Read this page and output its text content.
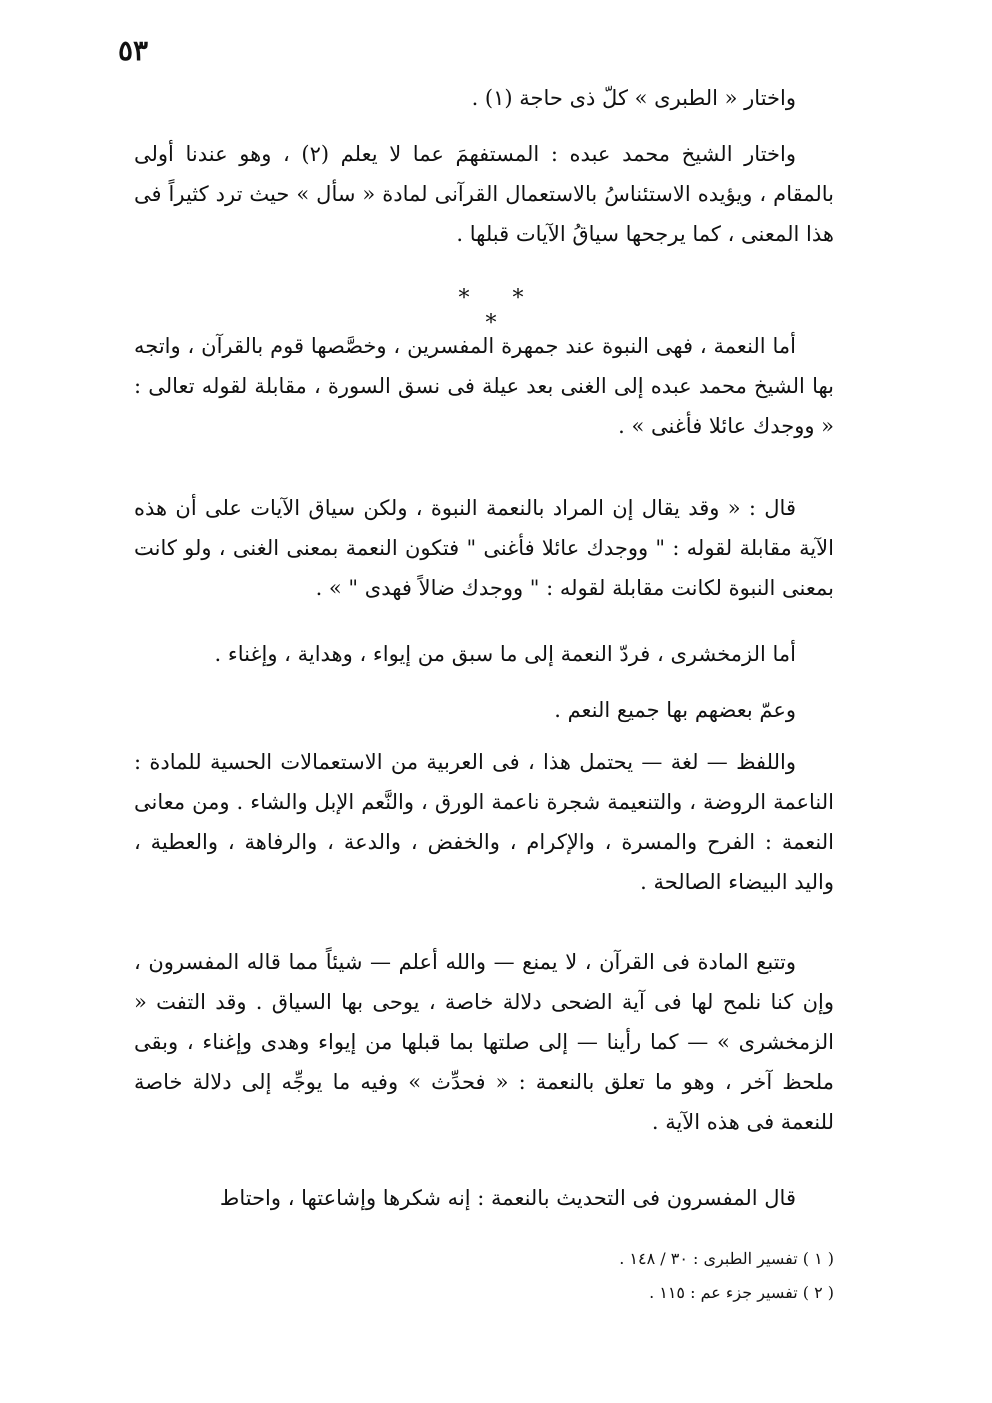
٥٣

واختار « الطبرى » كلّ ذى حاجة (١) .

واختار الشيخ محمد عبده : المستفهمَ عما لا يعلم (٢) ، وهو عندنا أولى بالمقام ، ويؤيده الاستئناسُ بالاستعمال القرآنى لمادة « سأل » حيث ترد كثيراً فى هذا المعنى ، كما يرجحها سياقُ الآيات قبلها .

* * *

أما النعمة ، فهى النبوة عند جمهرة المفسرين ، وخصَّصها قوم بالقرآن ، واتجه بها الشيخ محمد عبده إلى الغنى بعد عيلة فى نسق السورة ، مقابلة لقوله تعالى : « ووجدك عائلا فأغنى » .

قال : « وقد يقال إن المراد بالنعمة النبوة ، ولكن سياق الآيات على أن هذه الآية مقابلة لقوله : " ووجدك عائلا فأغنى " فتكون النعمة بمعنى الغنى ، ولو كانت بمعنى النبوة لكانت مقابلة لقوله : " ووجدك ضالاً فهدى " » .

أما الزمخشرى ، فردّ النعمة إلى ما سبق من إيواء ، وهداية ، وإغناء .

وعمّ بعضهم بها جميع النعم .

واللفظ — لغة — يحتمل هذا ، فى العربية من الاستعمالات الحسية للمادة : الناعمة الروضة ، والتنعيمة شجرة ناعمة الورق ، والنَّعم الإبل والشاء . ومن معانى النعمة : الفرح والمسرة ، والإكرام ، والخفض ، والدعة ، والرفاهة ، والعطية ، واليد البيضاء الصالحة .

وتتبع المادة فى القرآن ، لا يمنع — والله أعلم — شيئاً مما قاله المفسرون ، وإن كنا نلمح لها فى آية الضحى دلالة خاصة ، يوحى بها السياق . وقد التفت « الزمخشرى » — كما رأينا — إلى صلتها بما قبلها من إيواء وهدى وإغناء ، وبقى ملحظ آخر ، وهو ما تعلق بالنعمة : « فحدِّث » وفيه ما يوجِّه إلى دلالة خاصة للنعمة فى هذه الآية .

قال المفسرون فى التحديث بالنعمة : إنه شكرها وإشاعتها ، واحتاط

( ١ ) تفسير الطبرى : ٣٠ / ١٤٨ .
( ٢ ) تفسير جزء عم : ١١٥ .
